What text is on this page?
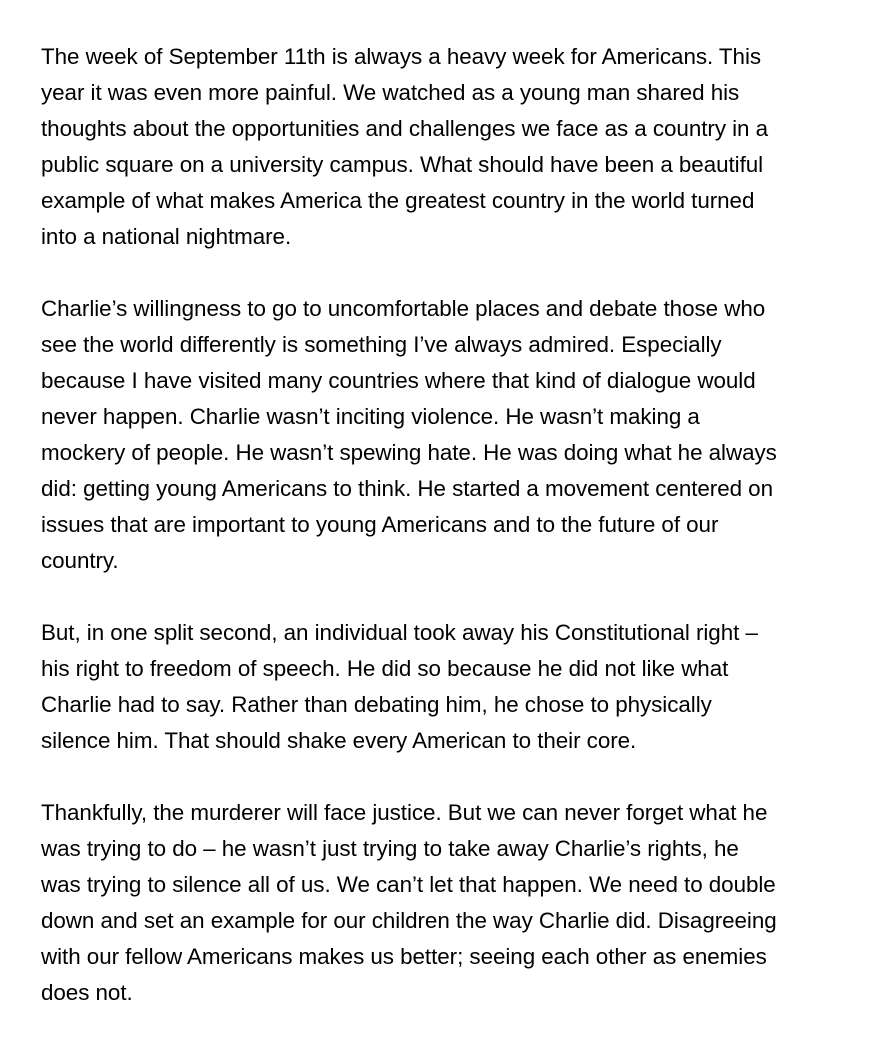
The week of September 11th is always a heavy week for Americans. This
year it was even more painful. We watched as a young man shared his
thoughts about the opportunities and challenges we face as a country in a
public square on a university campus. What should have been a beautiful
example of what makes America the greatest country in the world turned
into a national nightmare.
Charlie’s willingness to go to uncomfortable places and debate those who
see the world differently is something I’ve always admired. Especially
because I have visited many countries where that kind of dialogue would
never happen. Charlie wasn’t inciting violence. He wasn’t making a
mockery of people. He wasn’t spewing hate. He was doing what he always
did: getting young Americans to think. He started a movement centered on
issues that are important to young Americans and to the future of our
country.
But, in one split second, an individual took away his Constitutional right –
his right to freedom of speech. He did so because he did not like what
Charlie had to say. Rather than debating him, he chose to physically
silence him. That should shake every American to their core.
Thankfully, the murderer will face justice. But we can never forget what he
was trying to do – he wasn’t just trying to take away Charlie’s rights, he
was trying to silence all of us. We can’t let that happen. We need to double
down and set an example for our children the way Charlie did. Disagreeing
with our fellow Americans makes us better; seeing each other as enemies
does not.
